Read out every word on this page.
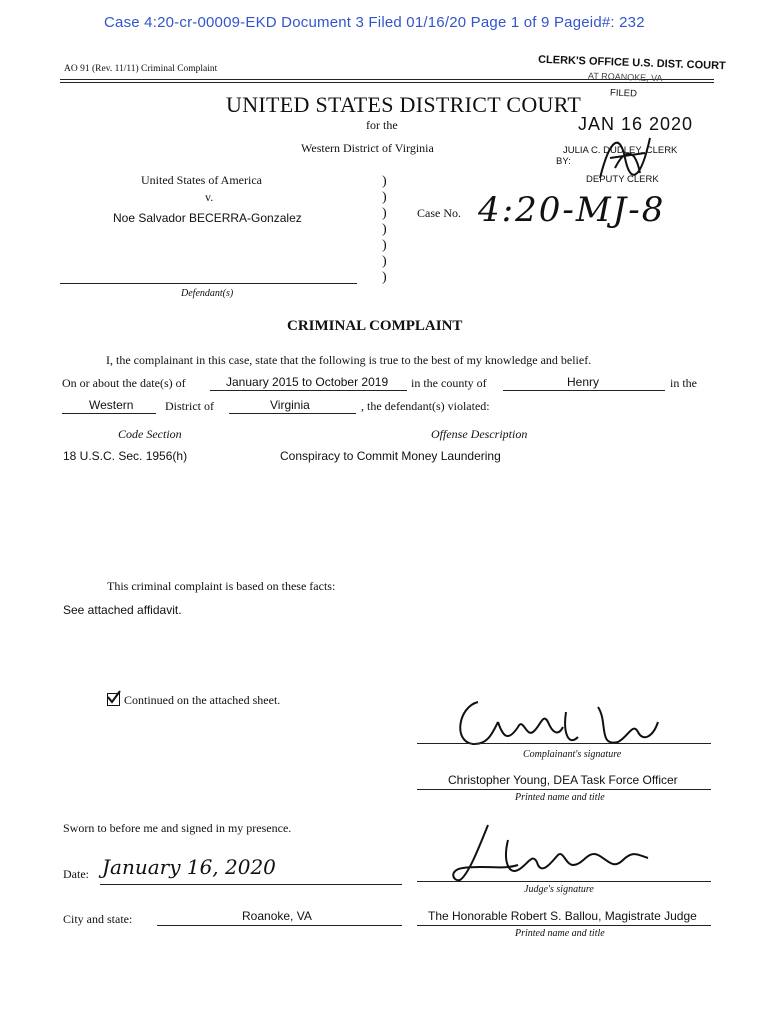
Case 4:20-cr-00009-EKD Document 3 Filed 01/16/20 Page 1 of 9 Pageid#: 232
AO 91 (Rev. 11/11) Criminal Complaint	CLERK'S OFFICE U.S. DIST. COURT
AT ROANOKE, VA
FILED
JAN 16 2020
JULIA C. DUDLEY, CLERK
BY:
DEPUTY CLERK
UNITED STATES DISTRICT COURT
for the
Western District of Virginia
United States of America
v.
Noe Salvador BECERRA-Gonzalez
Defendant(s)
)
)
)
)
)
)
)
Case No. 4:20-MJ-8
CRIMINAL COMPLAINT
I, the complainant in this case, state that the following is true to the best of my knowledge and belief.
On or about the date(s) of	January 2015 to October 2019 in the county of	Henry	in the
Western	District of	Virginia	, the defendant(s) violated:
Code Section	Offense Description
18 U.S.C. Sec. 1956(h)	Conspiracy to Commit Money Laundering
This criminal complaint is based on these facts:
See attached affidavit.
Continued on the attached sheet.
Complainant's signature
Christopher Young, DEA Task Force Officer
Printed name and title
Sworn to before me and signed in my presence.
Date: January 16, 2020
Judge's signature
City and state:	Roanoke, VA	The Honorable Robert S. Ballou, Magistrate Judge
Printed name and title
